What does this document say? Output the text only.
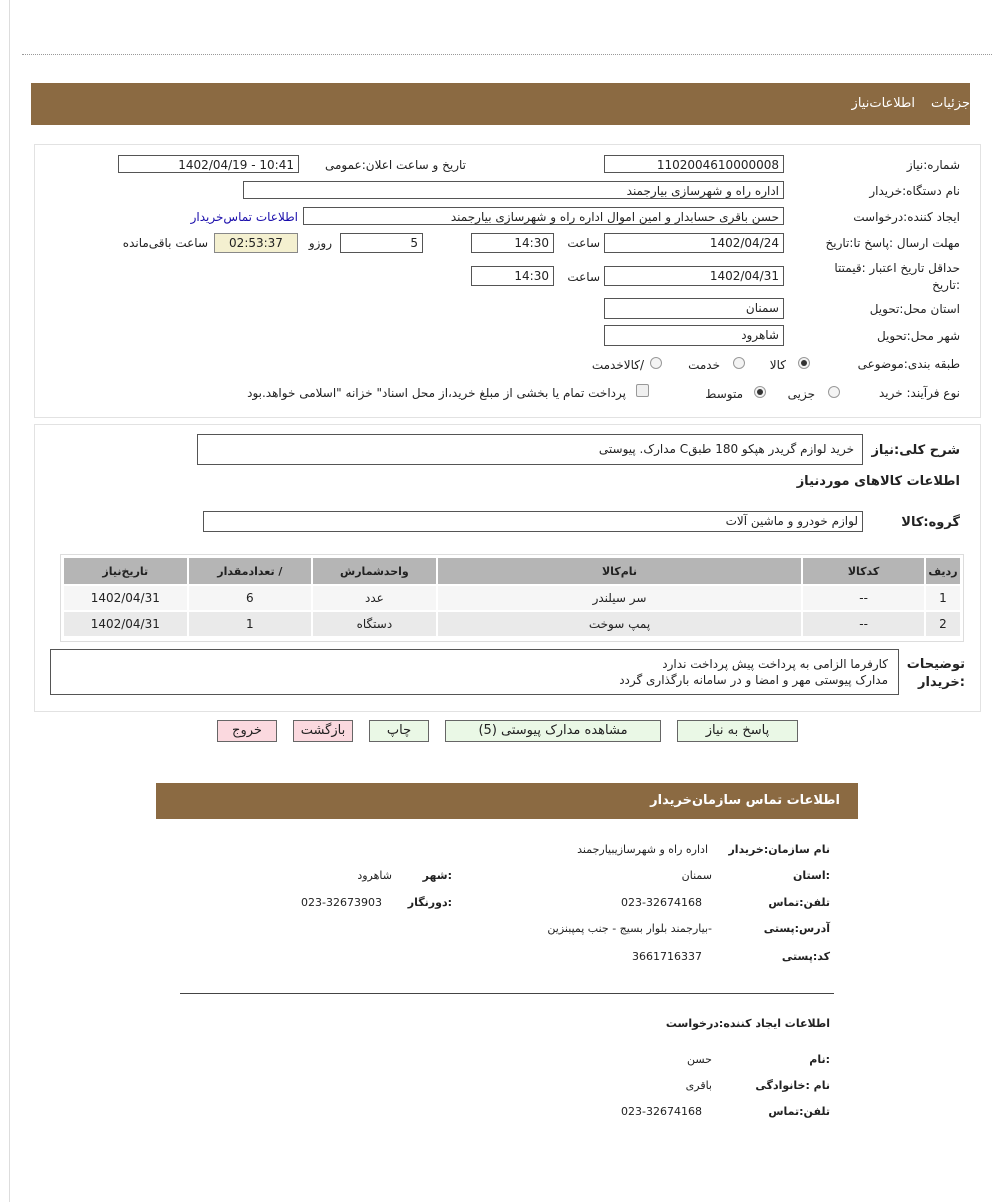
جزئیات
اطلاعات‌نیاز
شماره:نیاز
1102004610000008
تاریخ و ساعت اعلان:عمومی
1402/04/19 - 10:41
نام دستگاه:خریدار
اداره راه و شهرسازی بیارجمند
ایجاد کننده:درخواست
حسن باقری حسابدار و امین اموال اداره راه و شهرسازی بیارجمند
اطلاعات تماس‌خریدار
مهلت ارسال :پاسخ تا:تاریخ
1402/04/24
ساعت
14:30
5
روزو
02:53:37
ساعت باقی‌مانده
حداقل تاریخ اعتبار :قیمتتا
:تاریخ
1402/04/31
ساعت
14:30
استان محل:تحویل
سمنان
شهر محل:تحویل
شاهرود
طبقه بندی:موضوعی
کالا
خدمت
/کالاخدمت
نوع فرآیند: خرید
جزیی
متوسط
پرداخت تمام یا بخشی از مبلغ خرید،از محل اسناد" خزانه "اسلامی خواهد.بود
شرح کلی:نیاز
خرید لوازم گریدر هپکو 180 طبقC مدارک. پیوستی
اطلاعات کالاهای موردنیاز
گروه:کالا
لوازم خودرو و ماشین آلات
ردیف	کدکالا	نام‌کالا	واحدشمارش	/ تعدادمقدار	تاریخ‌نیاز
1	--	سر سیلندر	عدد	6	1402/04/31
2	--	پمپ سوخت	دستگاه	1	1402/04/31
توضیحات
:خریدار
کارفرما الزامی به پرداخت پیش پرداخت ندارد
مدارک پیوستی مهر و امضا و در سامانه بارگذاری گردد
پاسخ به نیاز
مشاهده مدارک پیوستی (5)
چاپ
بازگشت
خروج
اطلاعات تماس سازمان‌خریدار
نام سازمان:خریدار
اداره راه و شهرسازیبیارجمند
:استان
سمنان
:شهر
شاهرود
تلفن:تماس
023-32674168
:دورنگار
023-32673903
آدرس:پستی
-بیارجمند بلوار بسیج - جنب پمپبنزین
کد:پستی
3661716337
اطلاعات ایجاد کننده:درخواست
:نام
حسن
نام :خانوادگی
باقری
تلفن:تماس
023-32674168
